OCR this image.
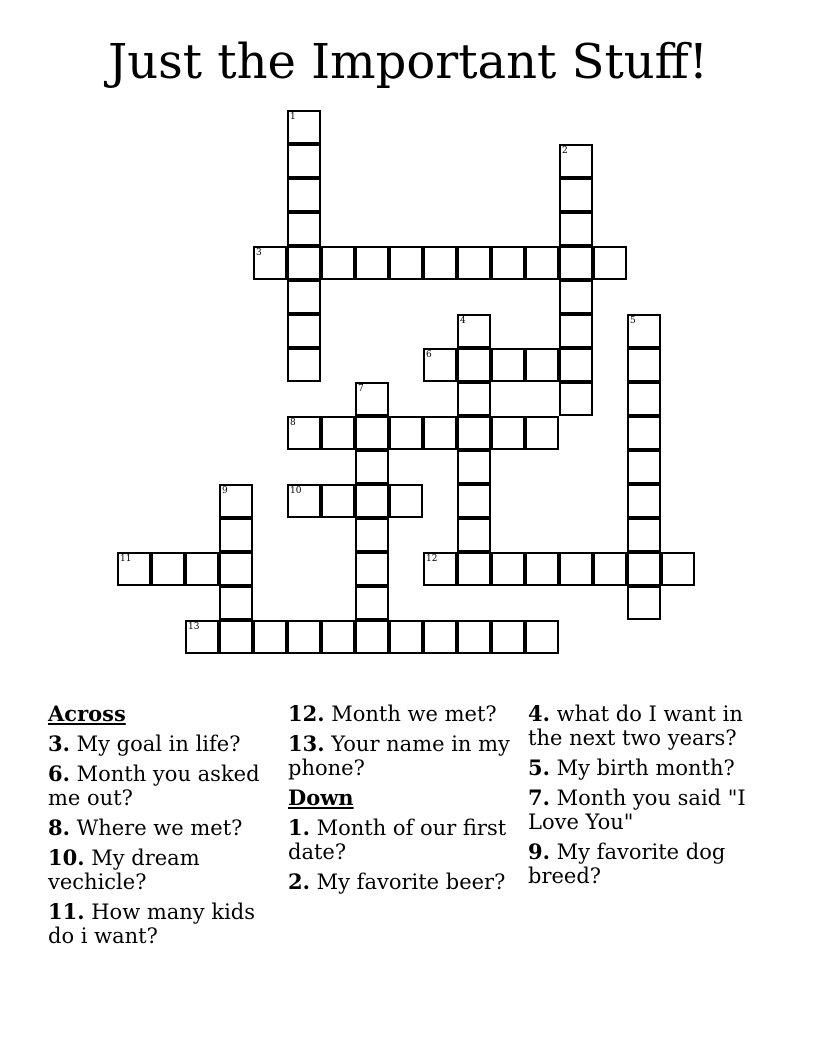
Just the Important Stuff!
1
2
3
4	5
6
7
8
9	10
11	12
13
Across

3. My goal in life?

6. Month you asked me out?

8. Where we met?

10. My dream vechicle?

11. How many kids do i want?

12. Month we met?

13. Your name in my phone?

Down

1. Month of our first date?

2. My favorite beer?

4. what do I want in the next two years?

5. My birth month?

7. Month you said "I Love You"

9. My favorite dog breed?
